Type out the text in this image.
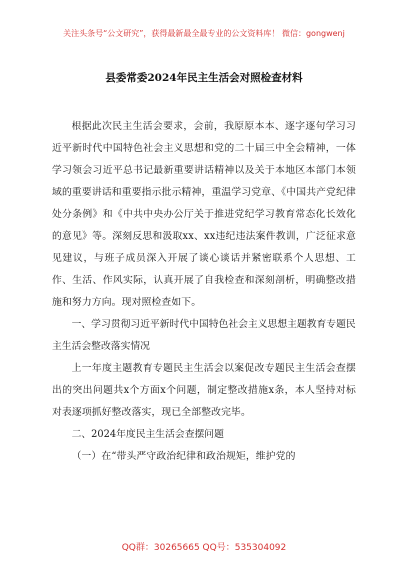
关注头条号“公文研究”，获得最新最全最专业的公文资料库！ 微信：gongwenj
县委常委2024年民主生活会对照检查材料

根据此次民主生活会要求，会前，我原原本本、逐字逐句学习习近平新时代中国特色社会主义思想和党的二十届三中全会精神，一体学习领会习近平总书记最新重要讲话精神以及关于本地区本部门本领域的重要讲话和重要指示批示精神，重温学习党章、《中国共产党纪律处分条例》和《中共中央办公厅关于推进党纪学习教育常态化长效化的意见》等。深刻反思和汲取xx、xx违纪违法案件教训，广泛征求意见建议，与班子成员深入开展了谈心谈话并紧密联系个人思想、工作、生活、作风实际，认真开展了自我检查和深刻剖析，明确整改措施和努力方向。现对照检查如下。

一、学习贯彻习近平新时代中国特色社会主义思想主题教育专题民主生活会整改落实情况

上一年度主题教育专题民主生活会以案促改专题民主生活会查摆出的突出问题共x个方面x个问题，制定整改措施x条，本人坚持对标对表逐项抓好整改落实，现已全部整改完毕。

二、2024年度民主生活会查摆问题

（一）在“带头严守政治纪律和政治规矩，维护党的

QQ群：30265665 QQ号：535304092
